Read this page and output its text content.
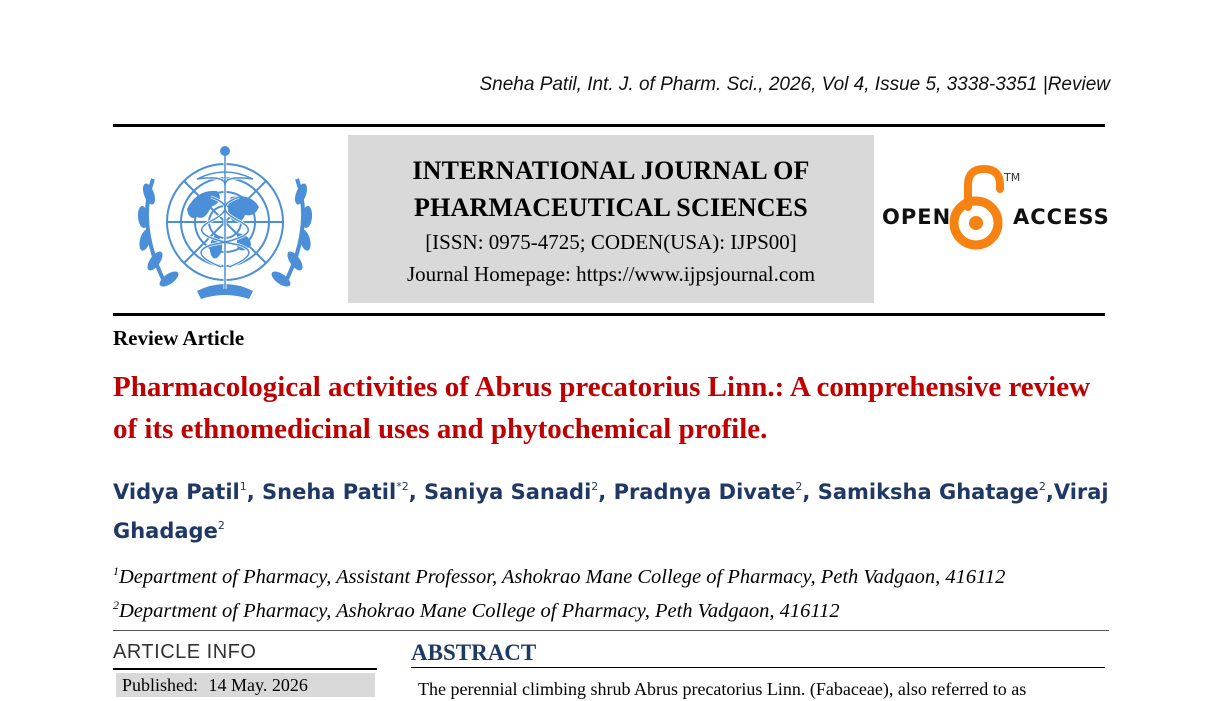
Sneha Patil, Int. J. of Pharm. Sci., 2026, Vol 4, Issue 5, 3338-3351 |Review
INTERNATIONAL JOURNAL OF
PHARMACEUTICAL SCIENCES
[ISSN: 0975-4725; CODEN(USA): IJPS00]
Journal Homepage: https://www.ijpsjournal.com
OPEN
TM
ACCESS
Review Article
Pharmacological activities of Abrus precatorius Linn.: A comprehensive review of its ethnomedicinal uses and phytochemical profile.
Vidya Patil$^1$, Sneha Patil$^{*2}$, Saniya Sanadi$^2$, Pradnya Divate$^2$, Samiksha Ghatage$^2$,Viraj Ghadage$^2$
$^1$Department of Pharmacy, Assistant Professor, Ashokrao Mane College of Pharmacy, Peth Vadgaon, 416112
$^2$Department of Pharmacy, Ashokrao Mane College of Pharmacy, Peth Vadgaon, 416112
ARTICLE INFO
Published: 14 May. 2026
ABSTRACT
The perennial climbing shrub Abrus precatorius Linn. (Fabaceae), also referred to as
